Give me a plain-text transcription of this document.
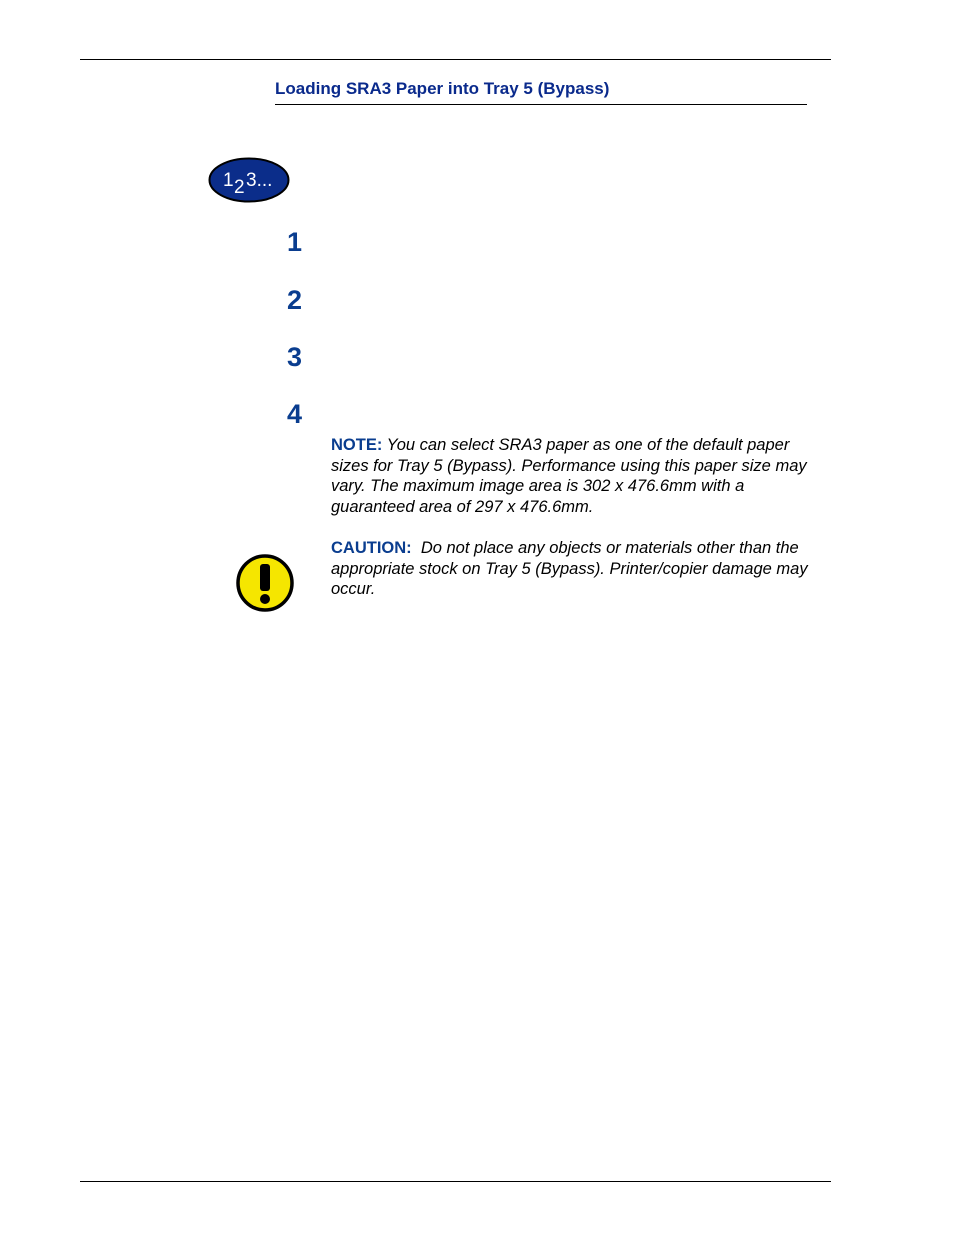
Loading SRA3 Paper into Tray 5 (Bypass)
1 2 3...
1
2
3
4
NOTE: You can select SRA3 paper as one of the default paper sizes for Tray 5 (Bypass). Performance using this paper size may vary. The maximum image area is 302 x 476.6mm with a guaranteed area of 297 x 476.6mm.
CAUTION: Do not place any objects or materials other than the appropriate stock on Tray 5 (Bypass). Printer/copier damage may occur.
